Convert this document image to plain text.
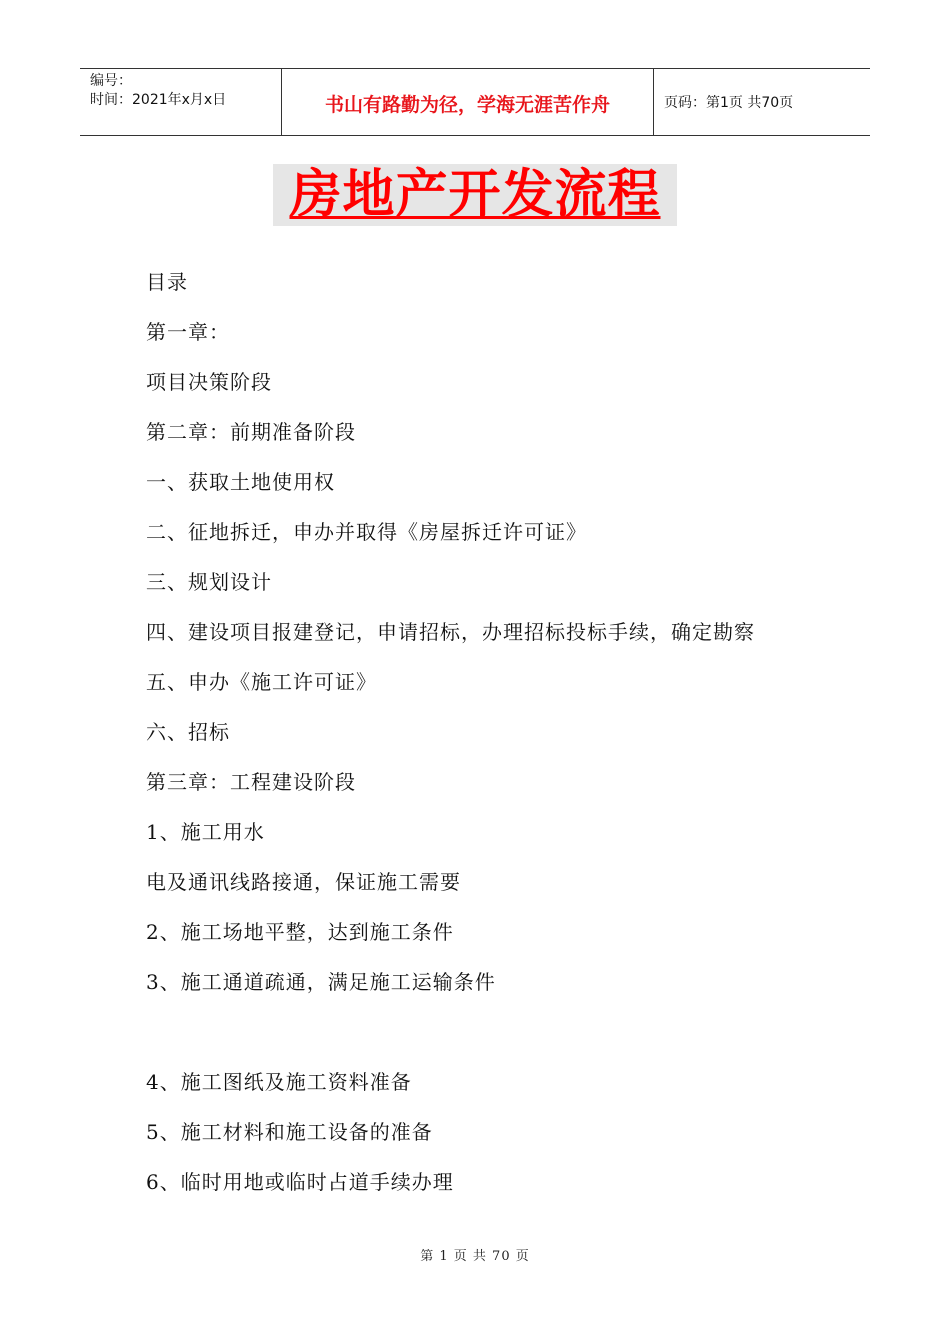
编号：
时间：2021年x月x日	书山有路勤为径，学海无涯苦作舟	页码：第1页 共70页
房地产开发流程
目录
第一章：
项目决策阶段
第二章：前期准备阶段
一、获取土地使用权
二、征地拆迁，申办并取得《房屋拆迁许可证》
三、规划设计
四、建设项目报建登记，申请招标，办理招标投标手续，确定勘察
五、申办《施工许可证》
六、招标
第三章：工程建设阶段
1、施工用水
电及通讯线路接通，保证施工需要
2、施工场地平整，达到施工条件
3、施工通道疏通，满足施工运输条件
4、施工图纸及施工资料准备
5、施工材料和施工设备的准备
6、临时用地或临时占道手续办理
第 1 页 共 70 页
